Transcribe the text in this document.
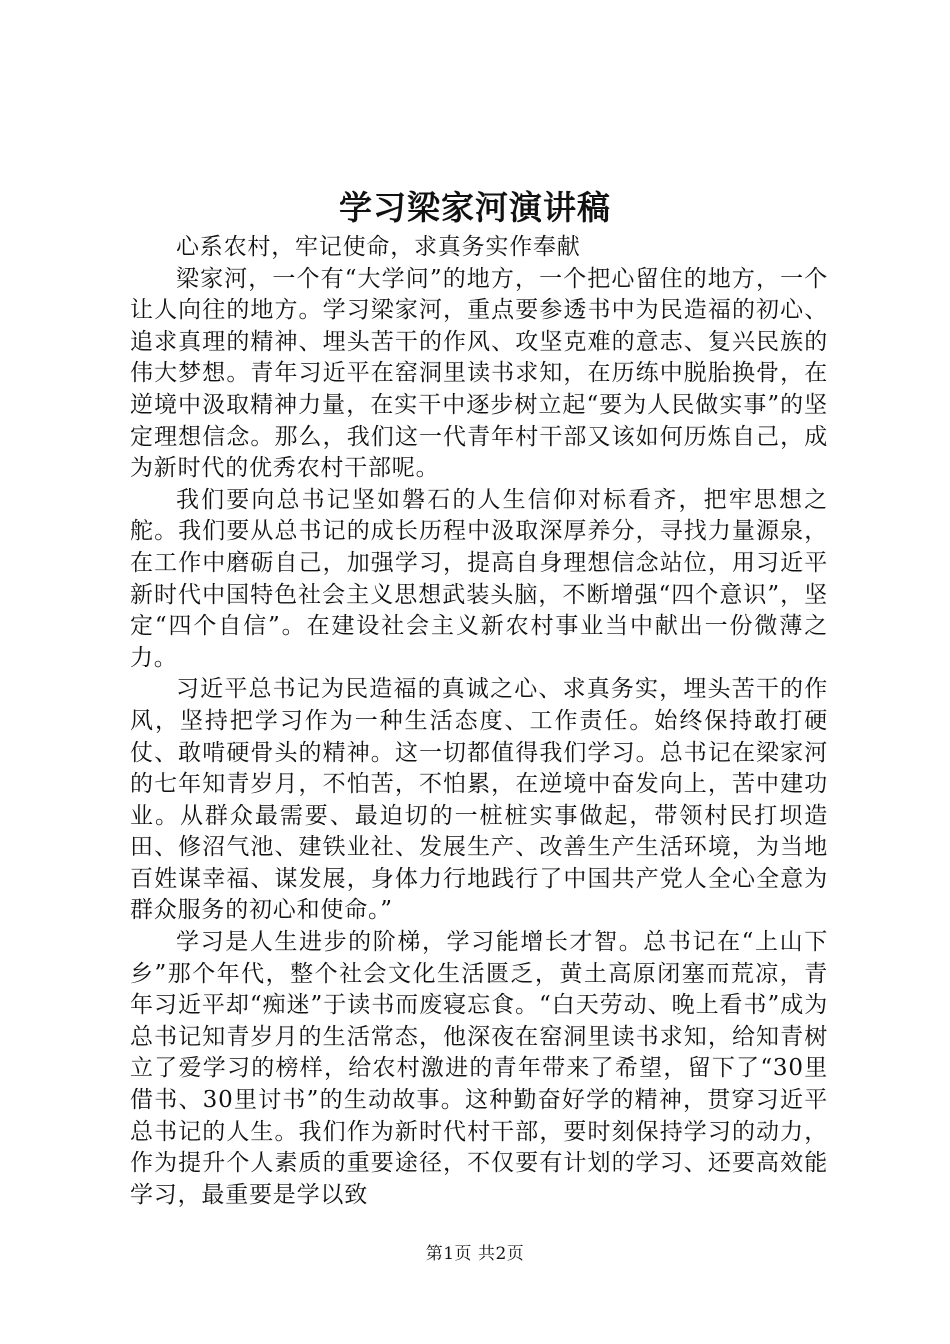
学习梁家河演讲稿

心系农村，牢记使命，求真务实作奉献

梁家河，一个有“大学问”的地方，一个把心留住的地方，一个让人向往的地方。学习梁家河，重点要参透书中为民造福的初心、追求真理的精神、埋头苦干的作风、攻坚克难的意志、复兴民族的伟大梦想。青年习近平在窑洞里读书求知，在历练中脱胎换骨，在逆境中汲取精神力量，在实干中逐步树立起“要为人民做实事”的坚定理想信念。那么，我们这一代青年村干部又该如何历炼自己，成为新时代的优秀农村干部呢。

我们要向总书记坚如磐石的人生信仰对标看齐，把牢思想之舵。我们要从总书记的成长历程中汲取深厚养分，寻找力量源泉，在工作中磨砺自己，加强学习，提高自身理想信念站位，用习近平新时代中国特色社会主义思想武装头脑，不断增强“四个意识”，坚定“四个自信”。在建设社会主义新农村事业当中献出一份微薄之力。

习近平总书记为民造福的真诚之心、求真务实，埋头苦干的作风，坚持把学习作为一种生活态度、工作责任。始终保持敢打硬仗、敢啃硬骨头的精神。这一切都值得我们学习。总书记在梁家河的七年知青岁月，不怕苦，不怕累，在逆境中奋发向上，苦中建功业。从群众最需要、最迫切的一桩桩实事做起，带领村民打坝造田、修沼气池、建铁业社、发展生产、改善生产生活环境，为当地百姓谋幸福、谋发展，身体力行地践行了中国共产党人全心全意为群众服务的初心和使命。”

学习是人生进步的阶梯，学习能增长才智。总书记在“上山下乡”那个年代，整个社会文化生活匮乏，黄土高原闭塞而荒凉，青年习近平却“痴迷”于读书而废寝忘食。“白天劳动、晚上看书”成为总书记知青岁月的生活常态，他深夜在窑洞里读书求知，给知青树立了爱学习的榜样，给农村激进的青年带来了希望，留下了“30里借书、30里讨书”的生动故事。这种勤奋好学的精神，贯穿习近平总书记的人生。我们作为新时代村干部，要时刻保持学习的动力，作为提升个人素质的重要途径，不仅要有计划的学习、还要高效能学习，最重要是学以致

第1页 共2页
